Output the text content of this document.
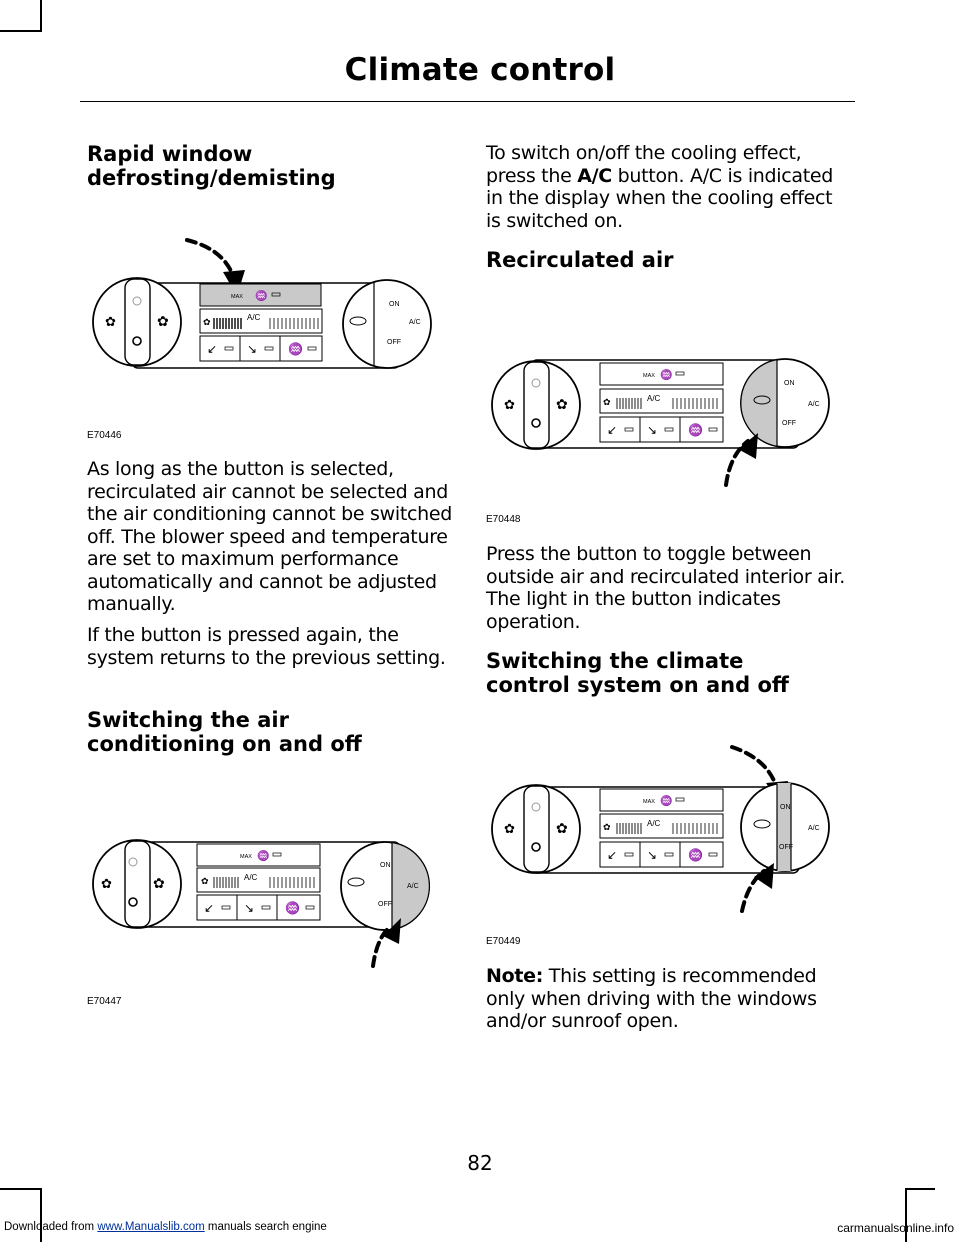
Climate control
Rapid window
defrosting/demisting
✿	✿
ON
OFF
A/C
MAX ♒
✿	A/C
↙ ↘	♒
E70446

As long as the button is selected, recirculated air cannot be selected and the air conditioning cannot be switched off. The blower speed and temperature are set to maximum performance automatically and cannot be adjusted manually.

If the button is pressed again, the system returns to the previous setting.

Switching the air
conditioning on and off
✿	✿
ON
OFF
A/C
MAX ♒
✿	A/C
↙ ↘	♒
E70447

To switch on/off the cooling effect, press the A/C button. A/C is indicated in the display when the cooling effect is switched on.

Recirculated air
✿	✿
ON
OFF
A/C
MAX ♒
✿	A/C
↙ ↘	♒
E70448

Press the button to toggle between outside air and recirculated interior air. The light in the button indicates operation.

Switching the climate
control system on and off
✿	✿
ON
OFF
A/C
MAX ♒
✿	A/C
↙ ↘	♒
E70449

Note: This setting is recommended only when driving with the windows and/or sunroof open.

82
Downloaded from www.Manualslib.com manuals search engine	carmanualsonline.info
